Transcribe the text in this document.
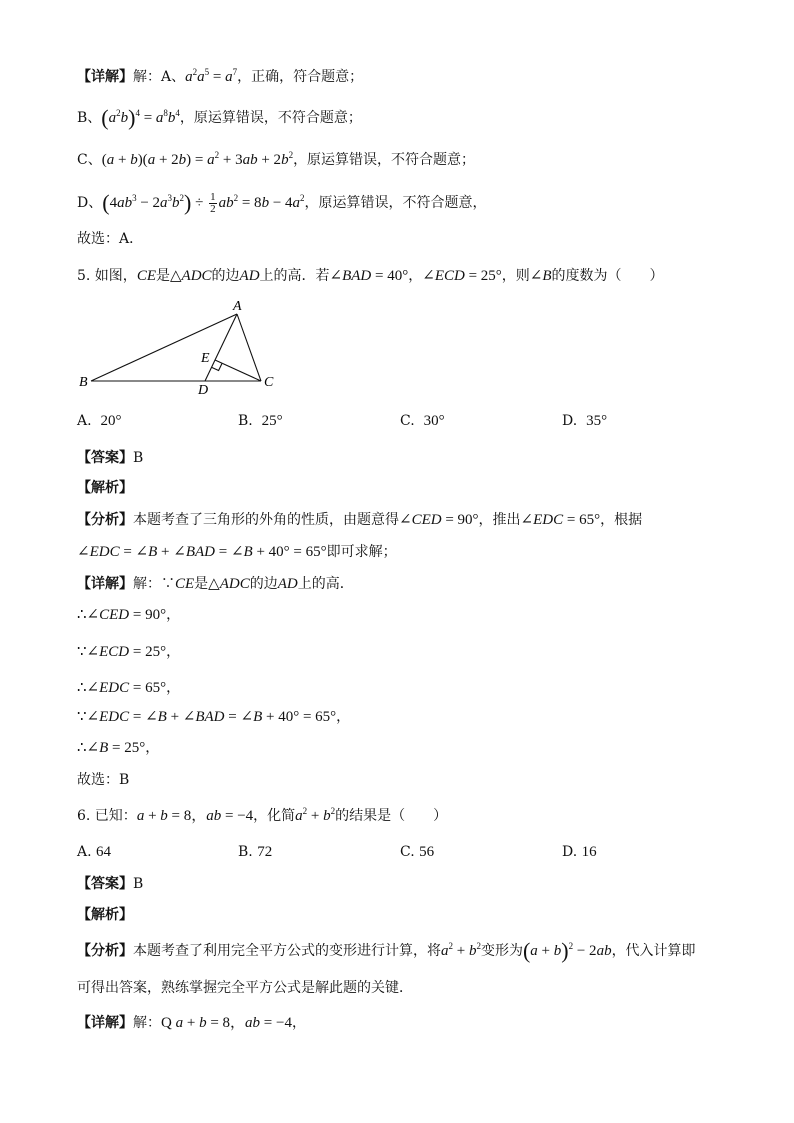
【详解】解：A、$a^2a^5 = a^7$，正确，符合题意；
B、$(a^2b)^4 = a^8b^4$，原运算错误，不符合题意；
C、$(a + b)(a + 2b) = a^2 + 3ab + 2b^2$，原运算错误，不符合题意；
D、$(4ab^3 - 2a^3b^2) \div \frac{1}{2} ab^2 = 8b - 4a^2$，原运算错误，不符合题意，
故选：A．
5. 如图，CE是△ADC的边AD上的高．若∠BAD = 40°，∠ECD = 25°，则∠B的度数为（　　）
A
B	C
D
E
A. 20°	B. 25°	C. 30°	D. 35°
【答案】B
【解析】
【分析】本题考查了三角形的外角的性质，由题意得∠CED = 90°，推出∠EDC = 65°，根据
∠EDC = ∠B + ∠BAD = ∠B + 40° = 65°即可求解；
【详解】解：∵CE是△ADC的边AD上的高．
∴∠CED = 90°，
∵∠ECD = 25°，
∴∠EDC = 65°，
∵∠EDC = ∠B + ∠BAD = ∠B + 40° = 65°，
∴∠B = 25°，
故选：B
6. 已知：a + b = 8，ab = −4，化简$a^2 + b^2$的结果是（　　）
A. 64	B. 72	C. 56	D. 16
【答案】B
【解析】
【分析】本题考查了利用完全平方公式的变形进行计算，将$a^2 + b^2$变形为$(a + b)^2 - 2ab$，代入计算即
可得出答案，熟练掌握完全平方公式是解此题的关键．
【详解】解：Q a + b = 8，ab = −4，
